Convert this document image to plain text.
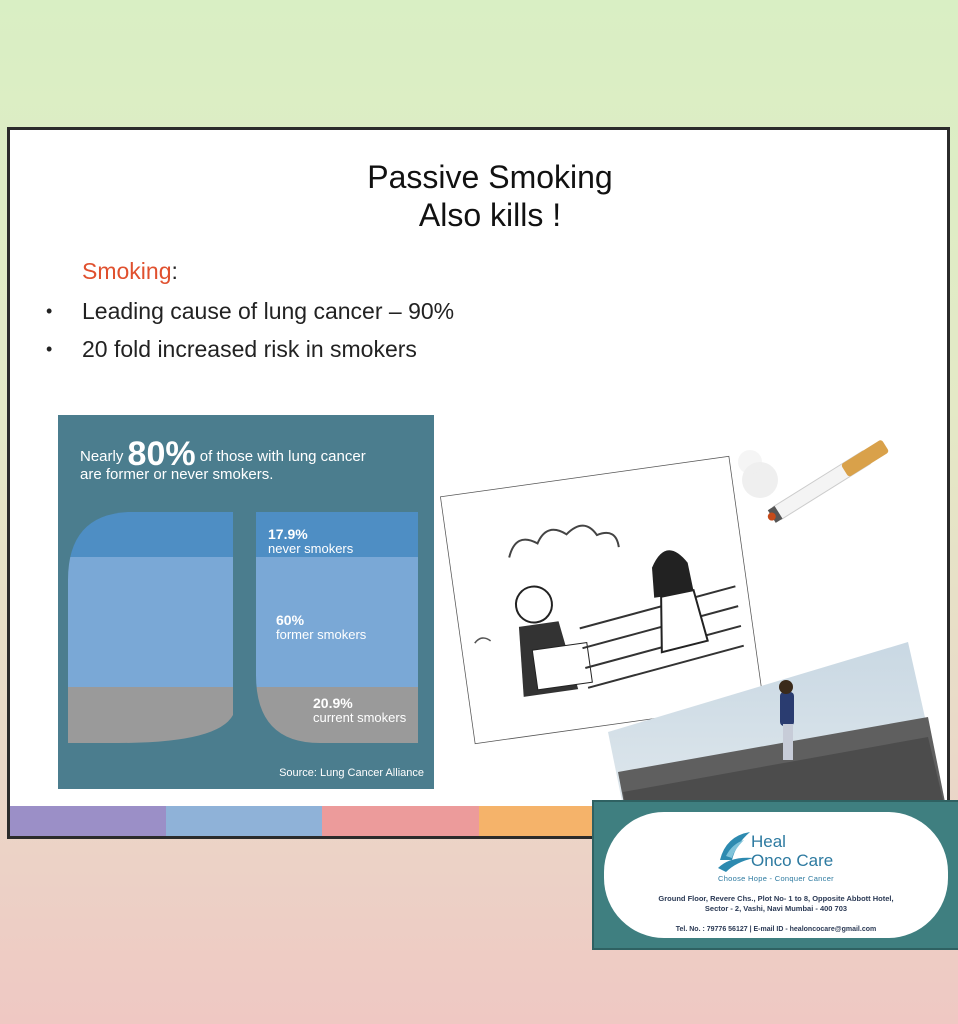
Passive Smoking
Also kills !
Smoking:
• Leading cause of lung cancer – 90%
• 20 fold increased risk in smokers
Nearly 80% of those with lung cancer
are former or never smokers.
17.9%
never smokers
60%
former smokers
20.9%
current smokers
Source: Lung Cancer Alliance
Heal
Onco Care
Choose Hope - Conquer Cancer
Ground Floor, Revere Chs., Plot No- 1 to 8, Opposite Abbott Hotel,
Sector - 2, Vashi, Navi Mumbai - 400 703
Tel. No. : 79776 56127 | E-mail ID - healoncocare@gmail.com
